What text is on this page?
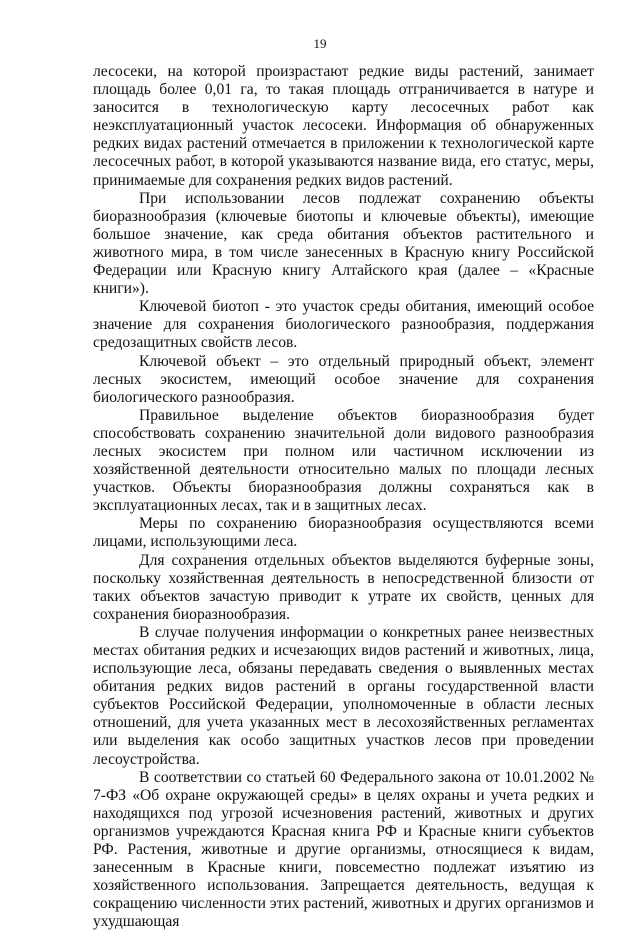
19

лесосеки, на которой произрастают редкие виды растений, занимает площадь более 0,01 га, то такая площадь отграничивается в натуре и заносится в технологическую карту лесосечных работ как неэксплуатационный участок лесосеки. Информация об обнаруженных редких видах растений отмечается в приложении к технологической карте лесосечных работ, в которой указываются название вида, его статус, меры, принимаемые для сохранения редких видов растений.

При использовании лесов подлежат сохранению объекты биоразнообразия (ключевые биотопы и ключевые объекты), имеющие большое значение, как среда обитания объектов растительного и животного мира, в том числе занесенных в Красную книгу Российской Федерации или Красную книгу Алтайского края (далее – «Красные книги»).

Ключевой биотоп - это участок среды обитания, имеющий особое значение для сохранения биологического разнообразия, поддержания средозащитных свойств лесов.

Ключевой объект – это отдельный природный объект, элемент лесных экосистем, имеющий особое значение для сохранения биологического разнообразия.

Правильное выделение объектов биоразнообразия будет способствовать сохранению значительной доли видового разнообразия лесных экосистем при полном или частичном исключении из хозяйственной деятельности относительно малых по площади лесных участков. Объекты биоразнообразия должны сохраняться как в эксплуатационных лесах, так и в защитных лесах.

Меры по сохранению биоразнообразия осуществляются всеми лицами, использующими леса.

Для сохранения отдельных объектов выделяются буферные зоны, поскольку хозяйственная деятельность в непосредственной близости от таких объектов зачастую приводит к утрате их свойств, ценных для сохранения биоразнообразия.

В случае получения информации о конкретных ранее неизвестных местах обитания редких и исчезающих видов растений и животных, лица, использующие леса, обязаны передавать сведения о выявленных местах обитания редких видов растений в органы государственной власти субъектов Российской Федерации, уполномоченные в области лесных отношений, для учета указанных мест в лесохозяйственных регламентах или выделения как особо защитных участков лесов при проведении лесоустройства.

В соответствии со статьей 60 Федерального закона от 10.01.2002 № 7-ФЗ «Об охране окружающей среды» в целях охраны и учета редких и находящихся под угрозой исчезновения растений, животных и других организмов учреждаются Красная книга РФ и Красные книги субъектов РФ. Растения, животные и другие организмы, относящиеся к видам, занесенным в Красные книги, повсеместно подлежат изъятию из хозяйственного использования. Запрещается деятельность, ведущая к сокращению численности этих растений, животных и других организмов и ухудшающая
